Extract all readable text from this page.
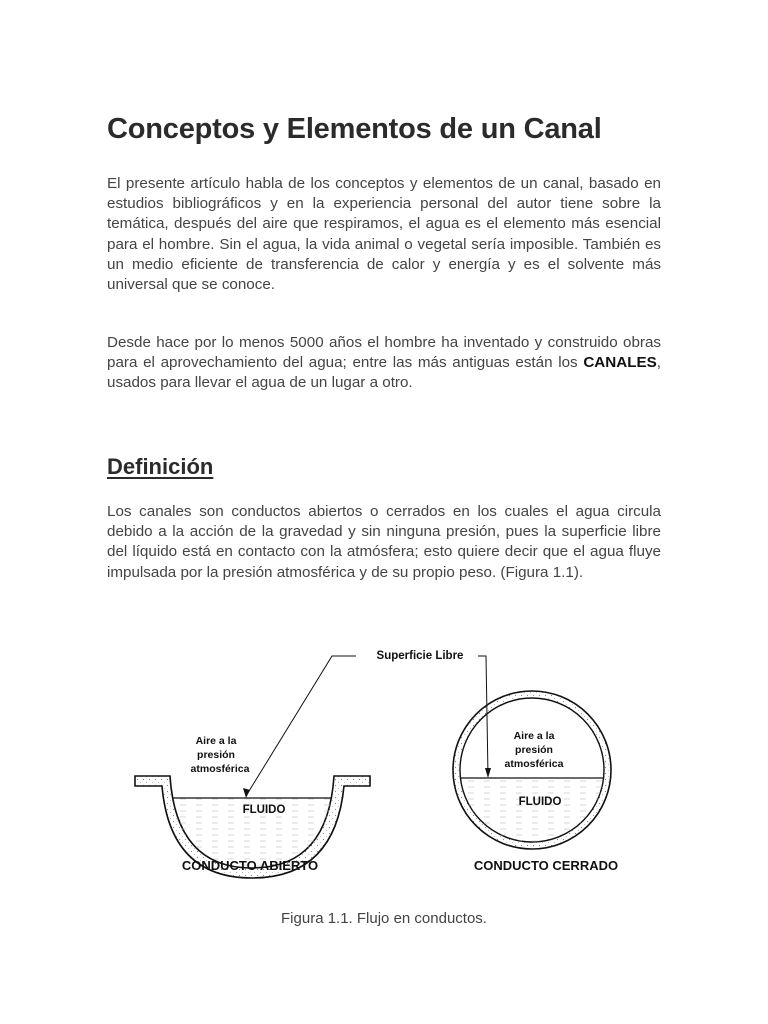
Conceptos y Elementos de un Canal

El presente artículo habla de los conceptos y elementos de un canal, basado en estudios bibliográficos y en la experiencia personal del autor tiene sobre la temática, después del aire que respiramos, el agua es el elemento más esencial para el hombre. Sin el agua, la vida animal o vegetal sería imposible. También es un medio eficiente de transferencia de calor y energía y es el solvente más universal que se conoce.

Desde hace por lo menos 5000 años el hombre ha inventado y construido obras para el aprovechamiento del agua; entre las más antiguas están los CANALES, usados para llevar el agua de un lugar a otro.

Definición

Los canales son conductos abiertos o cerrados en los cuales el agua circula debido a la acción de la gravedad y sin ninguna presión, pues la superficie libre del líquido está en contacto con la atmósfera; esto quiere decir que el agua fluye impulsada por la presión atmosférica y de su propio peso. (Figura 1.1).

Aire a la
presión
atmosférica
FLUIDO
CONDUCTO ABIERTO
Aire a la
presión
atmosférica
FLUIDO
CONDUCTO CERRADO
Superficie Libre
Figura 1.1. Flujo en conductos.
